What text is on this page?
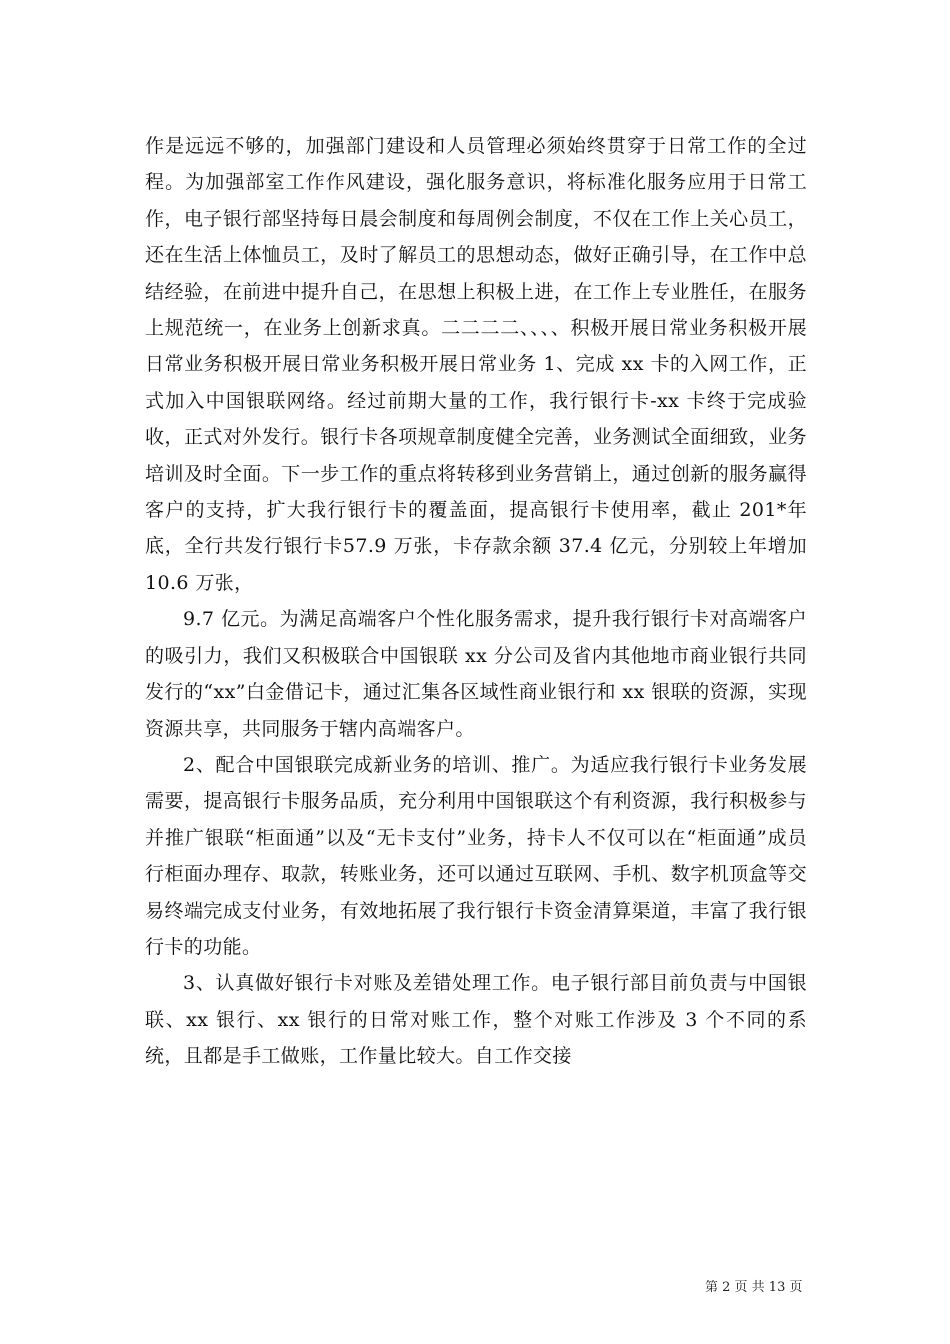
作是远远不够的，加强部门建设和人员管理必须始终贯穿于日常工作的全过程。为加强部室工作作风建设，强化服务意识，将标准化服务应用于日常工作，电子银行部坚持每日晨会制度和每周例会制度，不仅在工作上关心员工，还在生活上体恤员工，及时了解员工的思想动态，做好正确引导，在工作中总结经验，在前进中提升自己，在思想上积极上进，在工作上专业胜任，在服务上规范统一，在业务上创新求真。二二二二、、、、积极开展日常业务积极开展日常业务积极开展日常业务积极开展日常业务 1、完成 xx 卡的入网工作，正式加入中国银联网络。经过前期大量的工作，我行银行卡-xx 卡终于完成验收，正式对外发行。银行卡各项规章制度健全完善，业务测试全面细致，业务培训及时全面。下一步工作的重点将转移到业务营销上，通过创新的服务赢得客户的支持，扩大我行银行卡的覆盖面，提高银行卡使用率，截止 201*年底，全行共发行银行卡57.9 万张，卡存款余额 37.4 亿元，分别较上年增加 10.6 万张，

9.7 亿元。为满足高端客户个性化服务需求，提升我行银行卡对高端客户的吸引力，我们又积极联合中国银联 xx 分公司及省内其他地市商业银行共同发行的“xx”白金借记卡，通过汇集各区域性商业银行和 xx 银联的资源，实现资源共享，共同服务于辖内高端客户。

2、配合中国银联完成新业务的培训、推广。为适应我行银行卡业务发展需要，提高银行卡服务品质，充分利用中国银联这个有利资源，我行积极参与并推广银联“柜面通”以及“无卡支付”业务，持卡人不仅可以在“柜面通”成员行柜面办理存、取款，转账业务，还可以通过互联网、手机、数字机顶盒等交易终端完成支付业务，有效地拓展了我行银行卡资金清算渠道，丰富了我行银行卡的功能。

3、认真做好银行卡对账及差错处理工作。电子银行部目前负责与中国银联、xx 银行、xx 银行的日常对账工作，整个对账工作涉及 3 个不同的系统，且都是手工做账，工作量比较大。自工作交接

第 2 页 共 13 页
